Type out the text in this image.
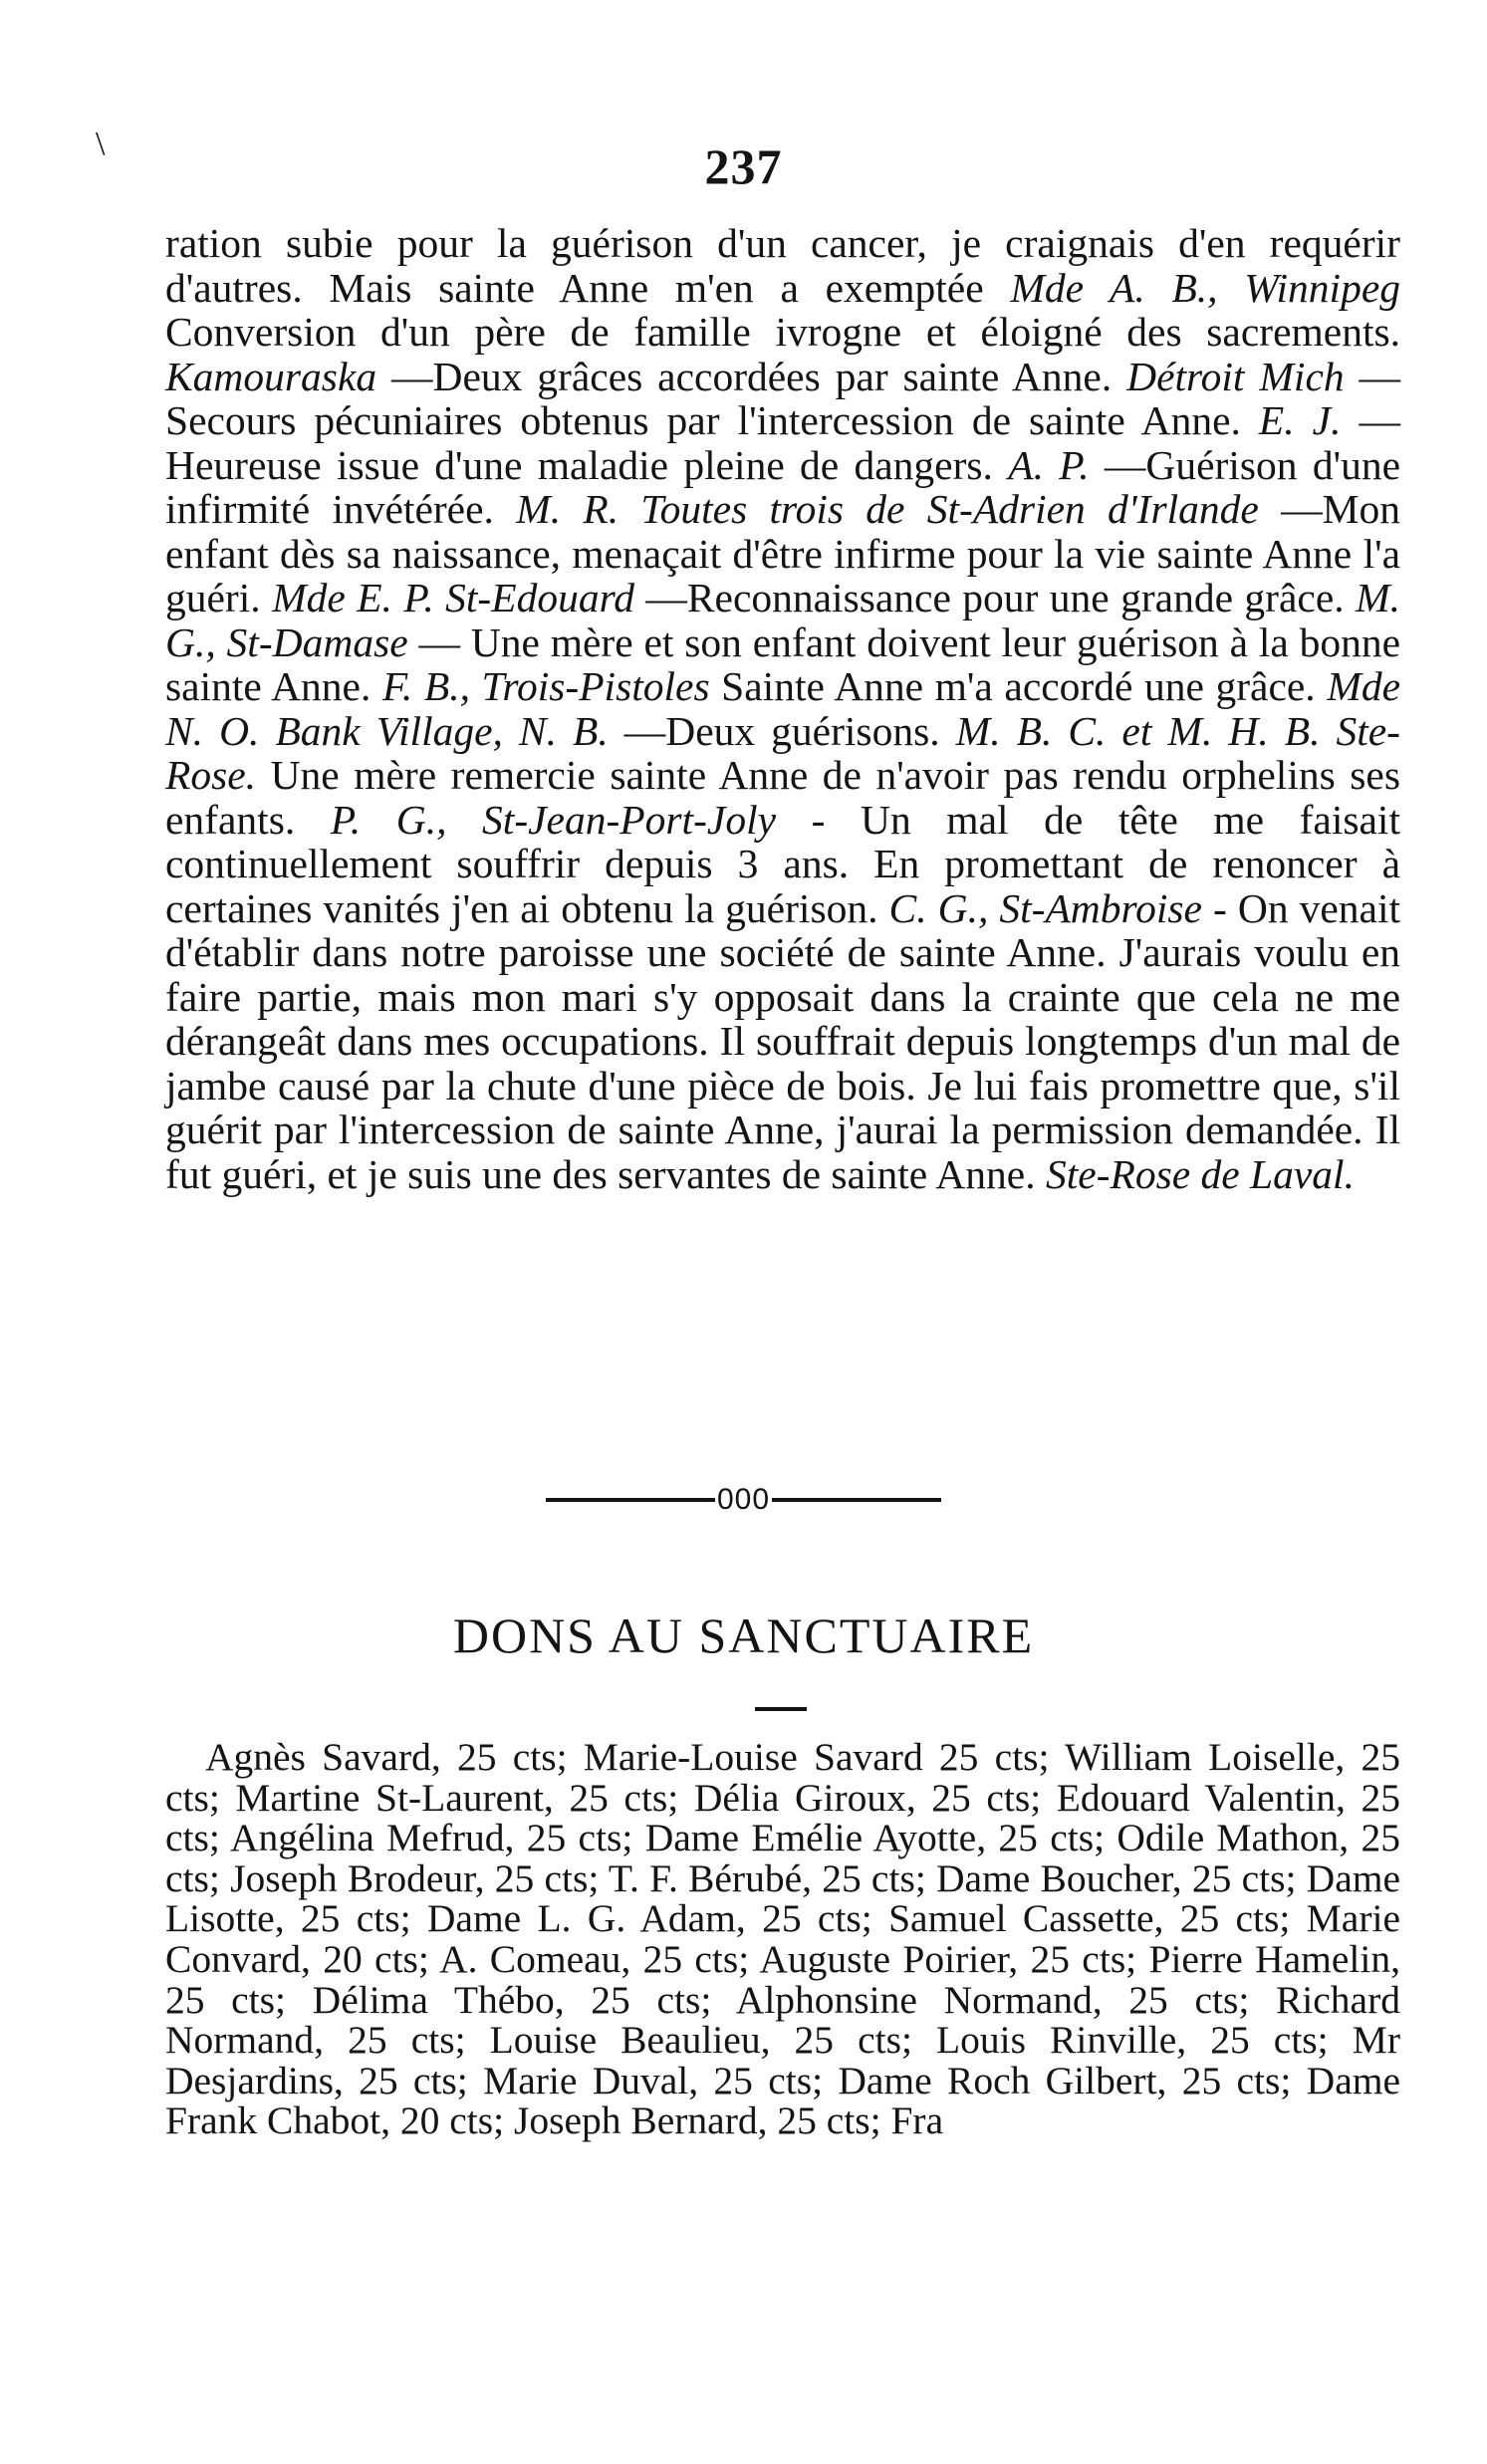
\	237

ration subie pour la guérison d'un cancer, je craignais d'en requérir d'autres. Mais sainte Anne m'en a exemptée Mde A. B., Winnipeg Conversion d'un père de famille ivrogne et éloigné des sacrements. Kamouraska —Deux grâces accordées par sainte Anne. Détroit Mich —Secours pécuniaires obtenus par l'intercession de sainte Anne. E. J. —Heureuse issue d'une maladie pleine de dangers. A. P. —Guérison d'une infirmité invétérée. M. R. Toutes trois de St-Adrien d'Irlande —Mon enfant dès sa naissance, menaçait d'être infirme pour la vie sainte Anne l'a guéri. Mde E. P. St-Edouard —Reconnaissance pour une grande grâce. M. G., St-Damase — Une mère et son enfant doivent leur guérison à la bonne sainte Anne. F. B., Trois-Pistoles Sainte Anne m'a accordé une grâce. Mde N. O. Bank Village, N. B. —Deux guérisons. M. B. C. et M. H. B. Ste-Rose. Une mère remercie sainte Anne de n'avoir pas rendu orphelins ses enfants. P. G., St-Jean-Port-Joly - Un mal de tête me faisait continuellement souffrir depuis 3 ans. En promettant de renoncer à certaines vanités j'en ai obtenu la guérison. C. G., St-Ambroise - On venait d'établir dans notre paroisse une société de sainte Anne. J'aurais voulu en faire partie, mais mon mari s'y opposait dans la crainte que cela ne me dérangeât dans mes occupations. Il souffrait depuis longtemps d'un mal de jambe causé par la chute d'une pièce de bois. Je lui fais promettre que, s'il guérit par l'intercession de sainte Anne, j'aurai la permission demandée. Il fut guéri, et je suis une des servantes de sainte Anne. Ste-Rose de Laval.

000
DONS AU SANCTUAIRE

Agnès Savard, 25 cts; Marie-Louise Savard 25 cts; William Loiselle, 25 cts; Martine St-Laurent, 25 cts; Délia Giroux, 25 cts; Edouard Valentin, 25 cts; Angélina Mefrud, 25 cts; Dame Emélie Ayotte, 25 cts; Odile Mathon, 25 cts; Joseph Brodeur, 25 cts; T. F. Bérubé, 25 cts; Dame Boucher, 25 cts; Dame Lisotte, 25 cts; Dame L. G. Adam, 25 cts; Samuel Cassette, 25 cts; Marie Convard, 20 cts; A. Comeau, 25 cts; Auguste Poirier, 25 cts; Pierre Hamelin, 25 cts; Délima Thébo, 25 cts; Alphonsine Normand, 25 cts; Richard Normand, 25 cts; Louise Beaulieu, 25 cts; Louis Rinville, 25 cts; Mr Desjardins, 25 cts; Marie Duval, 25 cts; Dame Roch Gilbert, 25 cts; Dame Frank Chabot, 20 cts; Joseph Bernard, 25 cts; Fra
